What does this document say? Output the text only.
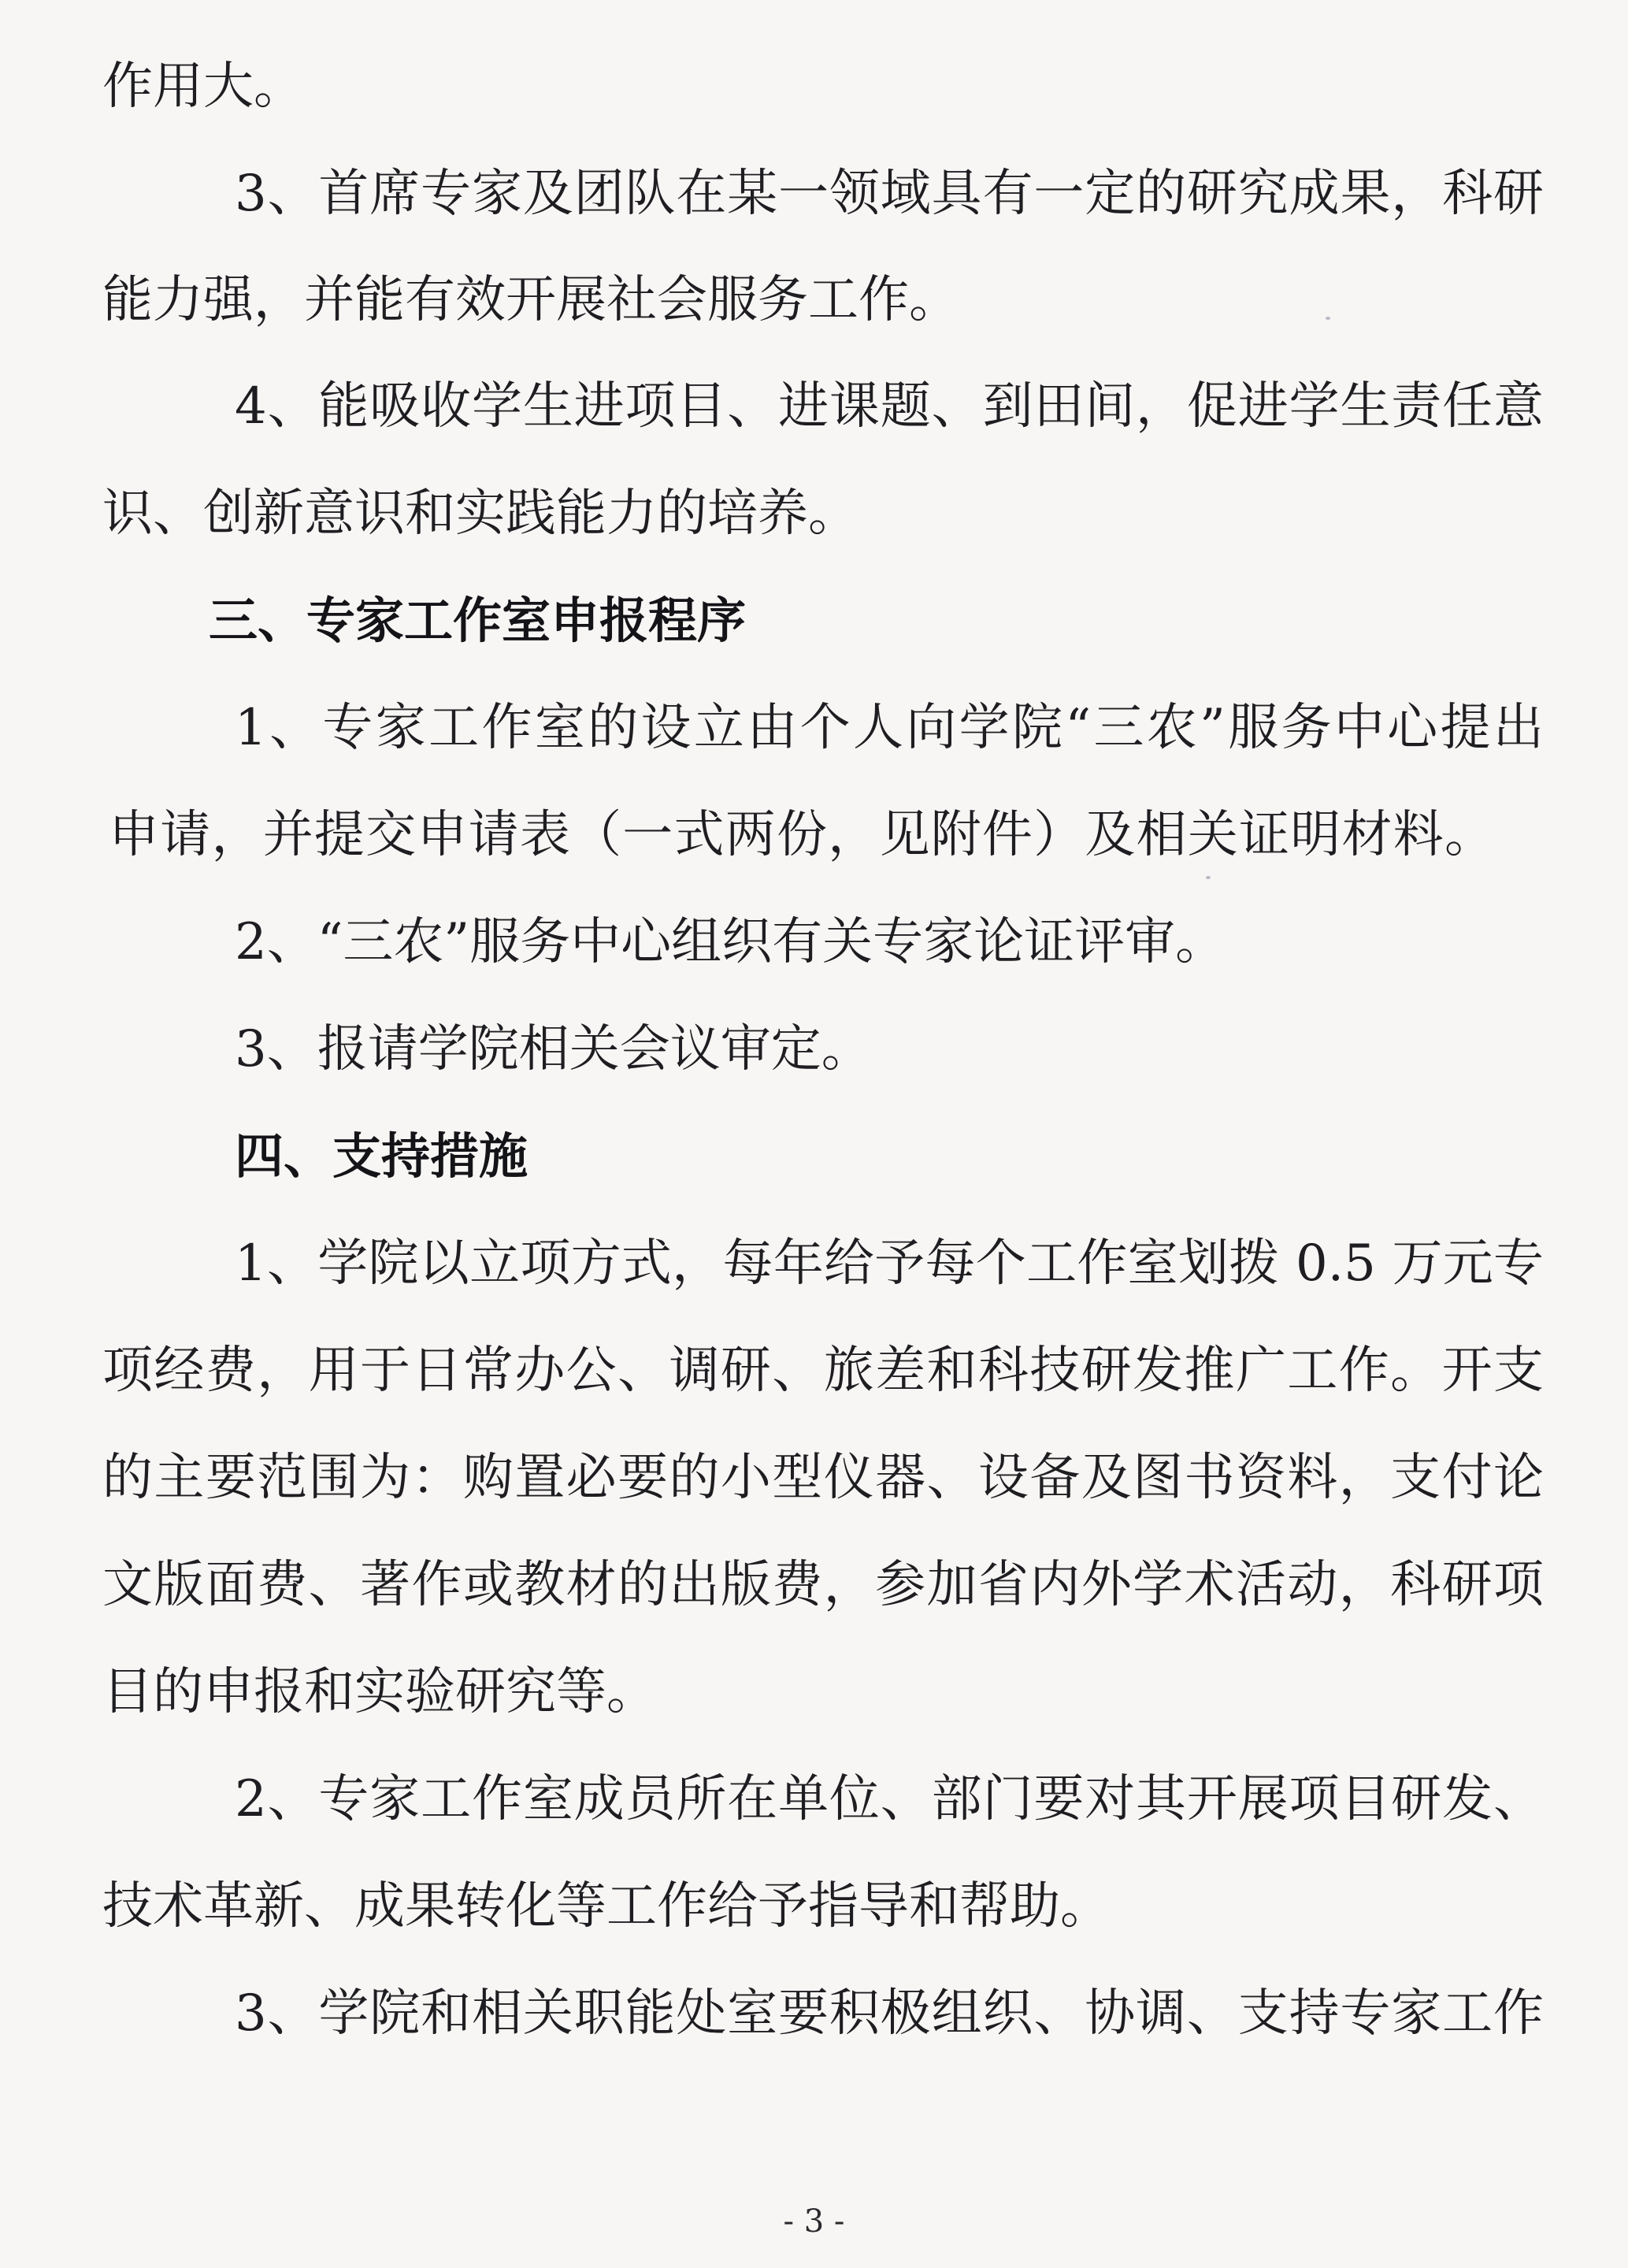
作用大。
3、首席专家及团队在某一领域具有一定的研究成果，科研
能力强，并能有效开展社会服务工作。
4、能吸收学生进项目、进课题、到田间，促进学生责任意
识、创新意识和实践能力的培养。
三、专家工作室申报程序
1、专家工作室的设立由个人向学院“三农”服务中心提出
申请，并提交申请表（一式两份，见附件）及相关证明材料。
2、“三农”服务中心组织有关专家论证评审。
3、报请学院相关会议审定。
四、支持措施
1、学院以立项方式，每年给予每个工作室划拨 0.5 万元专
项经费，用于日常办公、调研、旅差和科技研发推广工作。开支
的主要范围为：购置必要的小型仪器、设备及图书资料，支付论
文版面费、著作或教材的出版费，参加省内外学术活动，科研项
目的申报和实验研究等。
2、专家工作室成员所在单位、部门要对其开展项目研发、
技术革新、成果转化等工作给予指导和帮助。
3、学院和相关职能处室要积极组织、协调、支持专家工作
- 3 -
